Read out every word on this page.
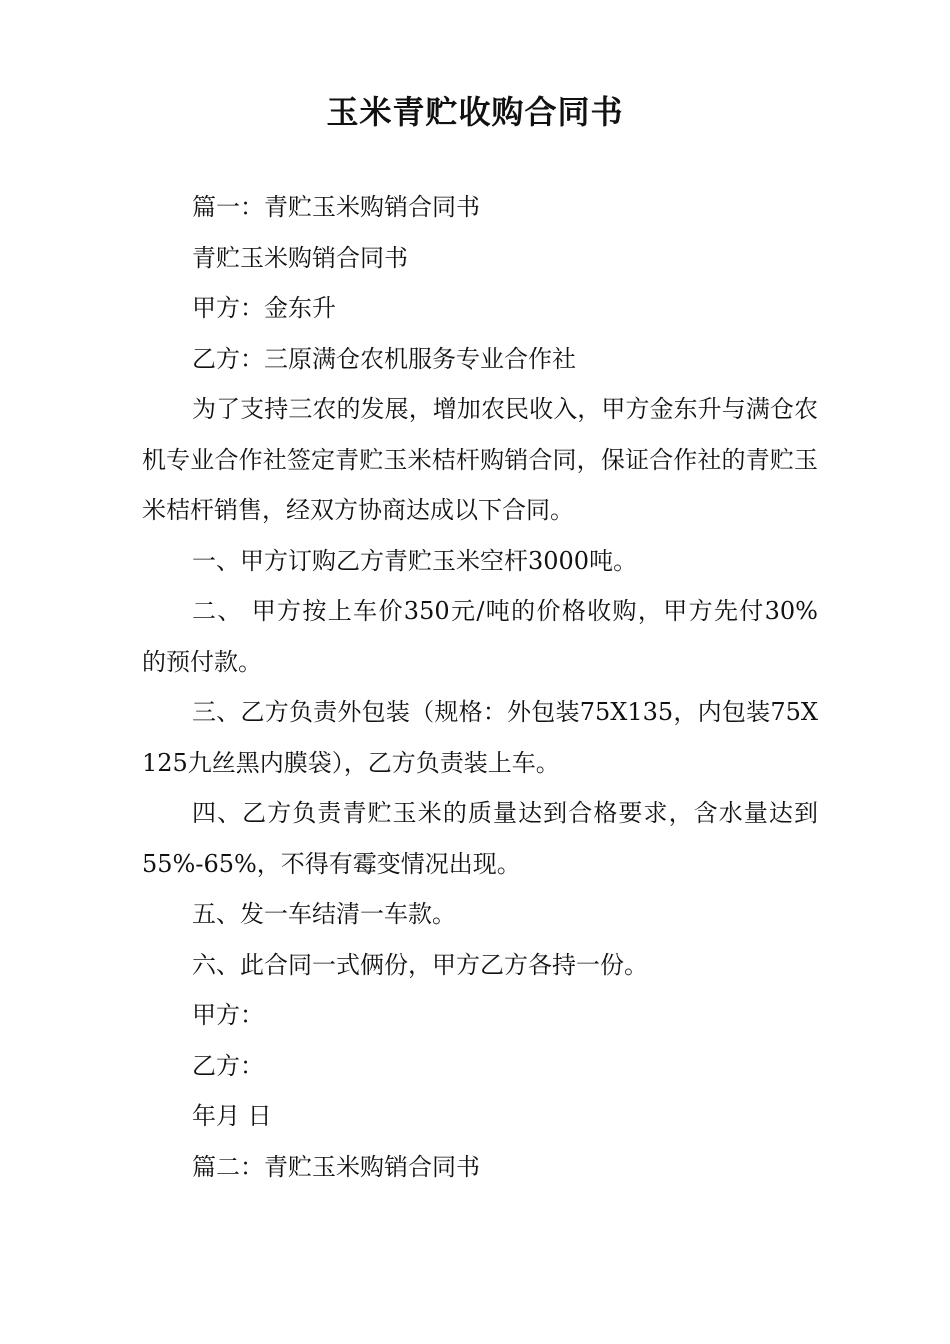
玉米青贮收购合同书

篇一：青贮玉米购销合同书

青贮玉米购销合同书

甲方：金东升

乙方：三原满仓农机服务专业合作社

为了支持三农的发展，增加农民收入，甲方金东升与满仓农机专业合作社签定青贮玉米桔杆购销合同，保证合作社的青贮玉米桔杆销售，经双方协商达成以下合同。

一、甲方订购乙方青贮玉米空杆3000吨。

二、 甲方按上车价350元/吨的价格收购，甲方先付30% 的预付款。

三、乙方负责外包装（规格：外包装75X135，内包装75X 125九丝黑内膜袋），乙方负责装上车。

四、乙方负责青贮玉米的质量达到合格要求，含水量达到55%-65%，不得有霉变情况出现。

五、发一车结清一车款。

六、此合同一式俩份，甲方乙方各持一份。

甲方：

乙方：

年月 日

篇二：青贮玉米购销合同书
